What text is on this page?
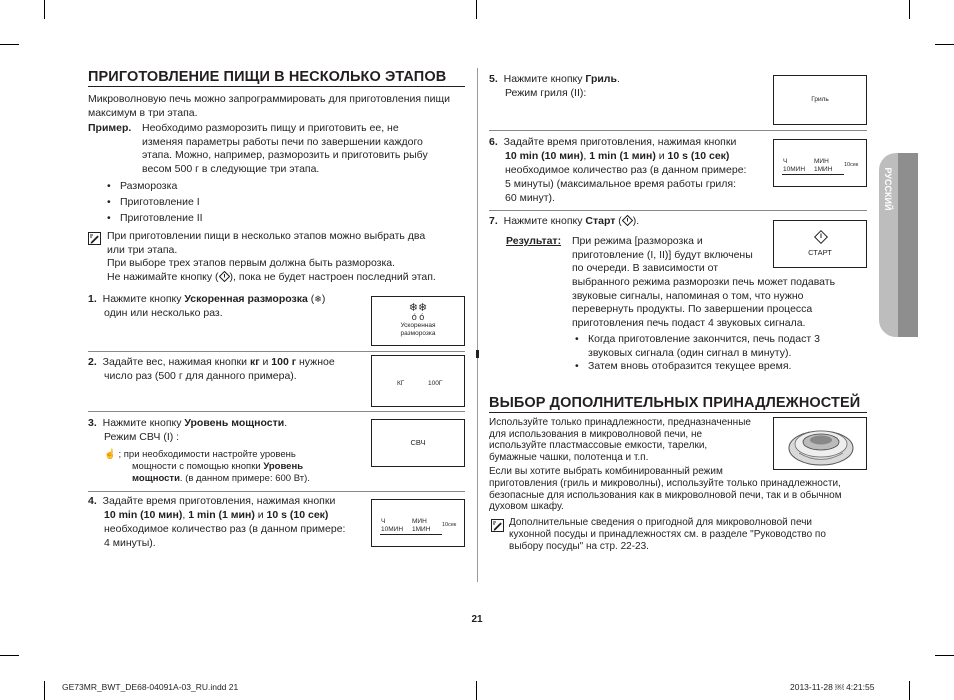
РУССКИЙ
ПРИГОТОВЛЕНИЕ ПИЩИ В НЕСКОЛЬКО ЭТАПОВ
Микроволновую печь можно запрограммировать для приготовления пищи
максимум в три этапа.
Пример. Необходимо разморозить пищу и приготовить ее, не
изменяя параметры работы печи по завершении каждого
этапа. Можно, например, разморозить и приготовить рыбу
весом 500 г в следующие три этапа.
• Разморозка
• Приготовление I
• Приготовление II
При приготовлении пищи в несколько этапов можно выбрать два
или три этапа.
При выборе трех этапов первым должна быть разморозка.
Не нажимайте кнопку ( ), пока не будет настроен последний этап.
1. Нажмите кнопку Ускоренная разморозка (❄)
один или несколько раз.	❄❄
ó ó
Ускоренная
разморозка
2. Задайте вес, нажимая кнопки кг и 100 г нужное
число раз (500 г для данного примера).
КГ	100Г
3. Нажмите кнопку Уровень мощности.
Режим СВЧ (I) :
☝ ; при необходимости настройте уровень
мощности с помощью кнопки Уровень
мощности. (в данном примере: 600 Вт).
СВЧ
4. Задайте время приготовления, нажимая кнопки
10 min (10 мин), 1 min (1 мин) и 10 s (10 сек)
необходимое количество раз (в данном примере:
4 минуты).
Ч	МИН	10сек
10МИН 1МИН
5. Нажмите кнопку Гриль.
Режим гриля (II):
Гриль
6. Задайте время приготовления, нажимая кнопки
10 min (10 мин), 1 min (1 мин) и 10 s (10 сек)
необходимое количество раз (в данном примере:
5 минуты) (максимальное время работы гриля:
60 минут).
Ч	МИН	10сек
10МИН 1МИН
7. Нажмите кнопку Старт ( ).
СТАРТ
Результат: При режима [разморозка и
приготовление (I, II)] будут включены
по очереди. В зависимости от
выбранного режима разморозки печь может подавать
звуковые сигналы, напоминая о том, что нужно
перевернуть продукты. По завершении процесса
приготовления печь подаст 4 звуковых сигнала.
• Когда приготовление закончится, печь подаст 3
звуковых сигнала (один сигнал в минуту).
• Затем вновь отобразится текущее время.
ВЫБОР ДОПОЛНИТЕЛЬНЫХ ПРИНАДЛЕЖНОСТЕЙ
Используйте только принадлежности, предназначенные
для использования в микроволновой печи, не
используйте пластмассовые емкости, тарелки,
бумажные чашки, полотенца и т.п.
Если вы хотите выбрать комбинированный режим
приготовления (гриль и микроволны), используйте только принадлежности,
безопасные для использования как в микроволновой печи, так и в обычном
духовом шкафу.
Дополнительные сведения о пригодной для микроволновой печи
кухонной посуды и принадлежностях см. в разделе "Руководство по
выбору посуды" на стр. 22-23.
21
GE73MR_BWT_DE68-04091A-03_RU.indd 21	2013-11-28 ￼ 4:21:55
